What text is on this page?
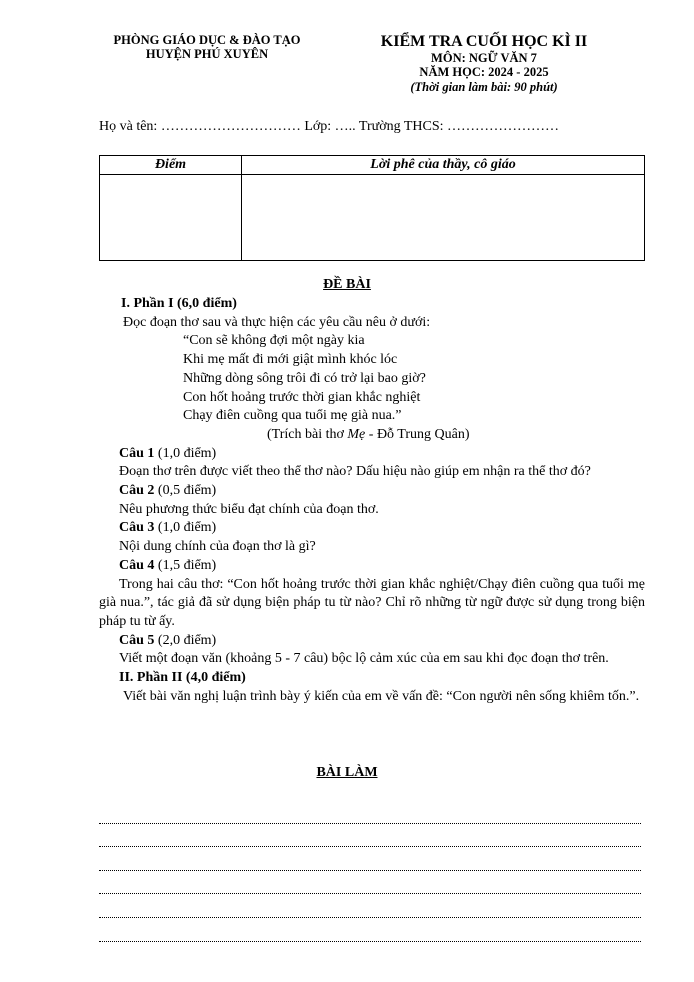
PHÒNG GIÁO DỤC & ĐÀO TẠO
HUYỆN PHÚ XUYÊN
KIỂM TRA CUỐI HỌC KÌ II
MÔN: NGỮ VĂN 7
NĂM HỌC: 2024 - 2025
(Thời gian làm bài: 90 phút)
Họ và tên: ………………………… Lớp: ….. Trường THCS: ……………………
Điểm	Lời phê của thầy, cô giáo

ĐỀ BÀI

I. Phần I (6,0 điểm)

Đọc đoạn thơ sau và thực hiện các yêu cầu nêu ở dưới:

“Con sẽ không đợi một ngày kia

Khi mẹ mất đi mới giật mình khóc lóc

Những dòng sông trôi đi có trở lại bao giờ?

Con hốt hoảng trước thời gian khắc nghiệt

Chạy điên cuồng qua tuổi mẹ già nua.”

(Trích bài thơ Mẹ - Đỗ Trung Quân)

Câu 1 (1,0 điểm)

Đoạn thơ trên được viết theo thể thơ nào? Dấu hiệu nào giúp em nhận ra thể thơ đó?

Câu 2 (0,5 điểm)

Nêu phương thức biểu đạt chính của đoạn thơ.

Câu 3 (1,0 điểm)

Nội dung chính của đoạn thơ là gì?

Câu 4 (1,5 điểm)

Trong hai câu thơ: “Con hốt hoảng trước thời gian khắc nghiệt/Chạy điên cuồng qua tuổi mẹ già nua.”, tác giả đã sử dụng biện pháp tu từ nào? Chỉ rõ những từ ngữ được sử dụng trong biện pháp tu từ ấy.

Câu 5 (2,0 điểm)

Viết một đoạn văn (khoảng 5 - 7 câu) bộc lộ cảm xúc của em sau khi đọc đoạn thơ trên.

II. Phần II (4,0 điểm)

Viết bài văn nghị luận trình bày ý kiến của em về vấn đề: “Con người nên sống khiêm tốn.”.

BÀI LÀM
